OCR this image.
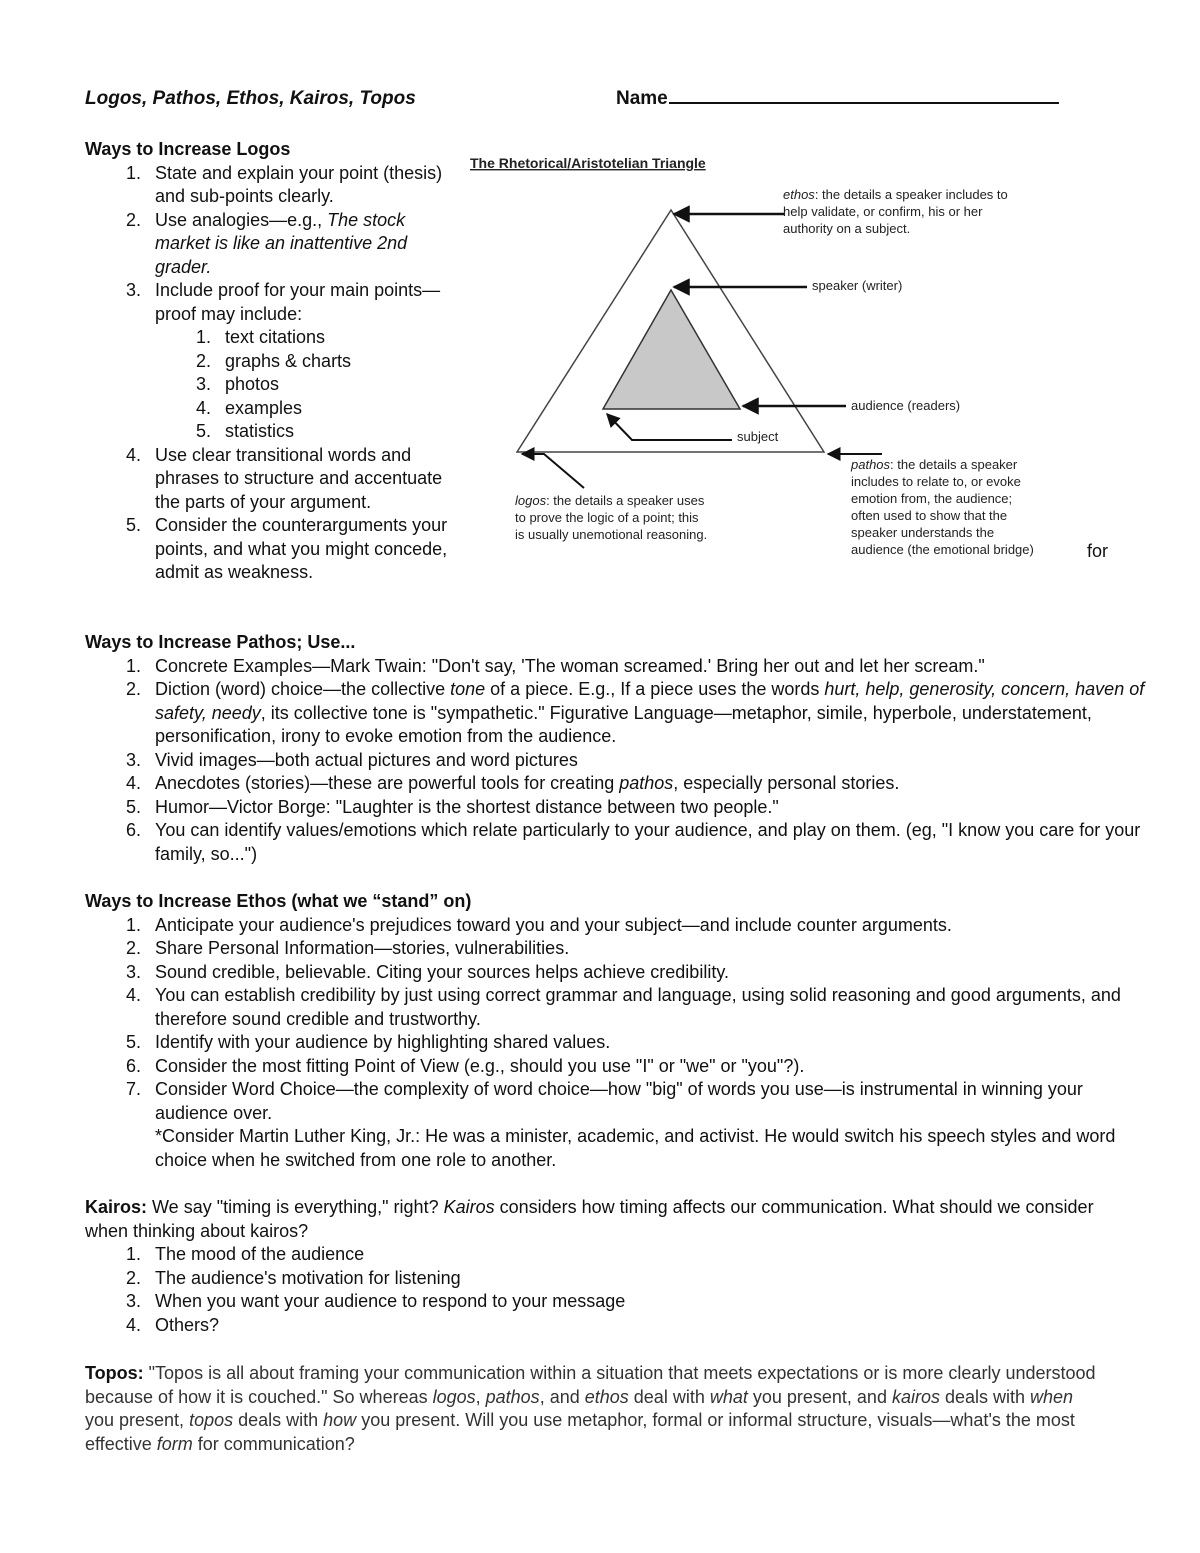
Logos, Pathos, Ethos, Kairos, Topos	Name

Ways to Increase Logos

State and explain your point (thesis) and sub-points clearly.
Use analogies—e.g., The stock market is like an inattentive 2nd grader.
Include proof for your main points—proof may include:
text citations
graphs & charts
photos
examples
statistics
Use clear transitional words and phrases to structure and accentuate the parts of your argument.
Consider the counterarguments your points, and what you might concede, admit as weakness.
The Rhetorical/Aristotelian Triangle
ethos: the details a speaker includes to
help validate, or confirm, his or her
authority on a subject.
speaker (writer)
audience (readers)
subject
pathos: the details a speaker
includes to relate to, or evoke
emotion from, the audience;
often used to show that the
speaker understands the
audience (the emotional bridge)
logos: the details a speaker uses
to prove the logic of a point; this
is usually unemotional reasoning.
for

Ways to Increase Pathos; Use...

Concrete Examples—Mark Twain: "Don't say, 'The woman screamed.' Bring her out and let her scream."
Diction (word) choice—the collective tone of a piece. E.g., If a piece uses the words hurt, help, generosity, concern, haven of safety, needy, its collective tone is "sympathetic." Figurative Language—metaphor, simile, hyperbole, understatement, personification, irony to evoke emotion from the audience.
Vivid images—both actual pictures and word pictures
Anecdotes (stories)—these are powerful tools for creating pathos, especially personal stories.
Humor—Victor Borge: "Laughter is the shortest distance between two people."
You can identify values/emotions which relate particularly to your audience, and play on them. (eg, "I know you care for your family, so...")

Ways to Increase Ethos (what we “stand” on)

Anticipate your audience's prejudices toward you and your subject—and include counter arguments.
Share Personal Information—stories, vulnerabilities.
Sound credible, believable. Citing your sources helps achieve credibility.
You can establish credibility by just using correct grammar and language, using solid reasoning and good arguments, and therefore sound credible and trustworthy.
Identify with your audience by highlighting shared values.
Consider the most fitting Point of View (e.g., should you use "I" or "we" or "you"?).
Consider Word Choice—the complexity of word choice—how "big" of words you use—is instrumental in winning your audience over.
*Consider Martin Luther King, Jr.: He was a minister, academic, and activist. He would switch his speech styles and word choice when he switched from one role to another.

Kairos: We say "timing is everything," right? Kairos considers how timing affects our communication. What should we consider when thinking about kairos?

The mood of the audience
The audience's motivation for listening
When you want your audience to respond to your message
Others?

Topos: "Topos is all about framing your communication within a situation that meets expectations or is more clearly understood because of how it is couched." So whereas logos, pathos, and ethos deal with what you present, and kairos deals with when you present, topos deals with how you present. Will you use metaphor, formal or informal structure, visuals—what's the most effective form for communication?
